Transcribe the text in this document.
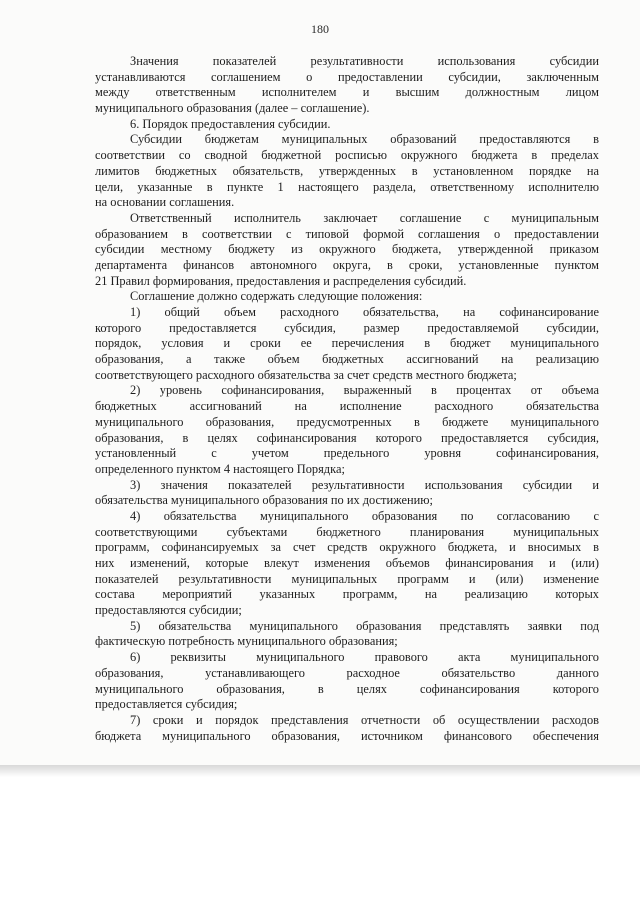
180
Значения показателей результативности использования субсидии
устанавливаются соглашением о предоставлении субсидии, заключенным
между ответственным исполнителем и высшим должностным лицом
муниципального образования (далее – соглашение).
6. Порядок предоставления субсидии.
Субсидии бюджетам муниципальных образований предоставляются в
соответствии со сводной бюджетной росписью окружного бюджета в пределах
лимитов бюджетных обязательств, утвержденных в установленном порядке на
цели, указанные в пункте 1 настоящего раздела, ответственному исполнителю
на основании соглашения.
Ответственный исполнитель заключает соглашение с муниципальным
образованием в соответствии с типовой формой соглашения о предоставлении
субсидии местному бюджету из окружного бюджета, утвержденной приказом
департамента финансов автономного округа, в сроки, установленные пунктом
21 Правил формирования, предоставления и распределения субсидий.
Соглашение должно содержать следующие положения:
1) общий объем расходного обязательства, на софинансирование
которого предоставляется субсидия, размер предоставляемой субсидии,
порядок, условия и сроки ее перечисления в бюджет муниципального
образования, а также объем бюджетных ассигнований на реализацию
соответствующего расходного обязательства за счет средств местного бюджета;
2) уровень софинансирования, выраженный в процентах от объема
бюджетных ассигнований на исполнение расходного обязательства
муниципального образования, предусмотренных в бюджете муниципального
образования, в целях софинансирования которого предоставляется субсидия,
установленный с учетом предельного уровня софинансирования,
определенного пунктом 4 настоящего Порядка;
3) значения показателей результативности использования субсидии и
обязательства муниципального образования по их достижению;
4) обязательства муниципального образования по согласованию с
соответствующими субъектами бюджетного планирования муниципальных
программ, софинансируемых за счет средств окружного бюджета, и вносимых в
них изменений, которые влекут изменения объемов финансирования и (или)
показателей результативности муниципальных программ и (или) изменение
состава мероприятий указанных программ, на реализацию которых
предоставляются субсидии;
5) обязательства муниципального образования представлять заявки под
фактическую потребность муниципального образования;
6) реквизиты муниципального правового акта муниципального
образования, устанавливающего расходное обязательство данного
муниципального образования, в целях софинансирования которого
предоставляется субсидия;
7) сроки и порядок представления отчетности об осуществлении расходов
бюджета муниципального образования, источником финансового обеспечения
